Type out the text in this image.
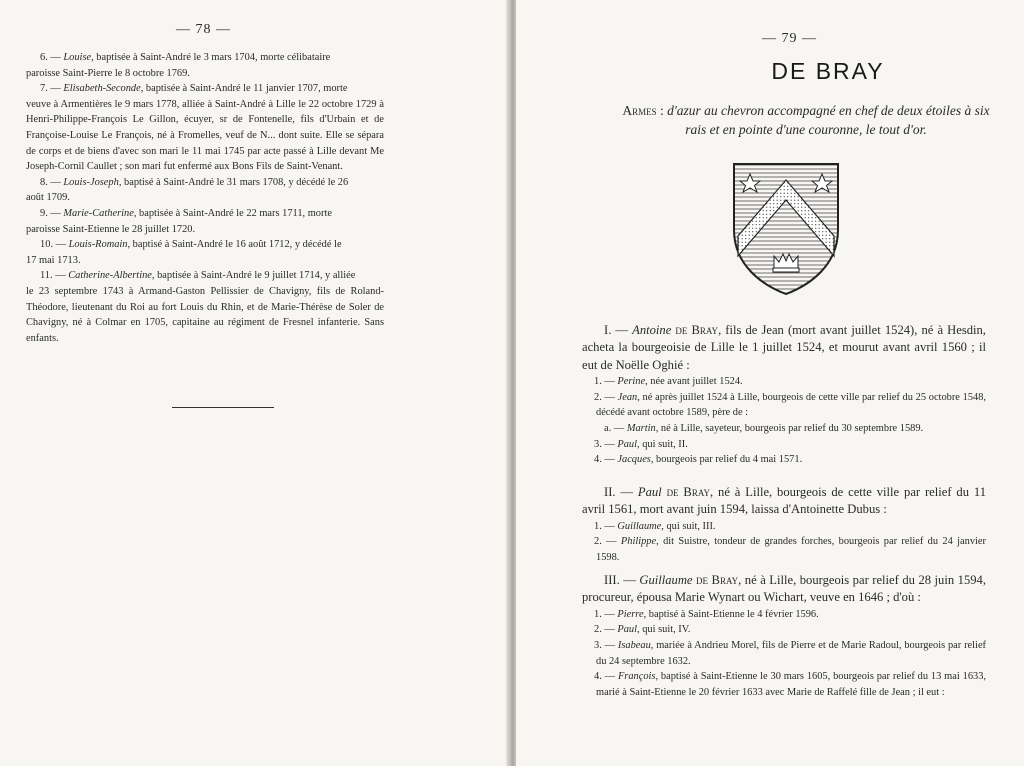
— 78 —

6. — Louise, baptisée à Saint-André le 3 mars 1704, morte célibataire

paroisse Saint-Pierre le 8 octobre 1769.

7. — Elisabeth-Seconde, baptisée à Saint-André le 11 janvier 1707, morte

veuve à Armentières le 9 mars 1778, alliée à Saint-André à Lille le 22 octobre 1729 à Henri-Philippe-François Le Gillon, écuyer, sr de Fontenelle, fils d'Urbain et de Françoise-Louise Le François, né à Fromelles, veuf de N... dont suite. Elle se sépara de corps et de biens d'avec son mari le 11 mai 1745 par acte passé à Lille devant Me Joseph-Cornil Caullet ; son mari fut enfermé aux Bons Fils de Saint-Venant.

8. — Louis-Joseph, baptisé à Saint-André le 31 mars 1708, y décédé le 26

août 1709.

9. — Marie-Catherine, baptisée à Saint-André le 22 mars 1711, morte

paroisse Saint-Etienne le 28 juillet 1720.

10. — Louis-Romain, baptisé à Saint-André le 16 août 1712, y décédé le

17 mai 1713.

11. — Catherine-Albertine, baptisée à Saint-André le 9 juillet 1714, y alliée

le 23 septembre 1743 à Armand-Gaston Pellissier de Chavigny, fils de Roland-Théodore, lieutenant du Roi au fort Louis du Rhin, et de Marie-Thérèse de Soler de Chavigny, né à Colmar en 1705, capitaine au régiment de Fresnel infanterie. Sans enfants.

— 79 —
DE BRAY
Armes : d'azur au chevron accompagné en chef de deux étoiles à six rais et en pointe d'une couronne, le tout d'or.

I. — Antoine de Bray, fils de Jean (mort avant juillet 1524), né à Hesdin, acheta la bourgeoisie de Lille le 1 juillet 1524, et mourut avant avril 1560 ; il eut de Noëlle Oghié :

1. — Perine, née avant juillet 1524.

2. — Jean, né après juillet 1524 à Lille, bourgeois de cette ville par relief du 25 octobre 1548, décédé avant octobre 1589, père de :

a. — Martin, né à Lille, sayeteur, bourgeois par relief du 30 septembre 1589.

3. — Paul, qui suit, II.

4. — Jacques, bourgeois par relief du 4 mai 1571.

II. — Paul de Bray, né à Lille, bourgeois de cette ville par relief du 11 avril 1561, mort avant juin 1594, laissa d'Antoinette Dubus :

1. — Guillaume, qui suit, III.

2. — Philippe, dit Suistre, tondeur de grandes forches, bourgeois par relief du 24 janvier 1598.

III. — Guillaume de Bray, né à Lille, bourgeois par relief du 28 juin 1594, procureur, épousa Marie Wynart ou Wichart, veuve en 1646 ; d'où :

1. — Pierre, baptisé à Saint-Etienne le 4 février 1596.

2. — Paul, qui suit, IV.

3. — Isabeau, mariée à Andrieu Morel, fils de Pierre et de Marie Radoul, bourgeois par relief du 24 septembre 1632.

4. — François, baptisé à Saint-Etienne le 30 mars 1605, bourgeois par relief du 13 mai 1633, marié à Saint-Etienne le 20 février 1633 avec Marie de Raffelé fille de Jean ; il eut :
